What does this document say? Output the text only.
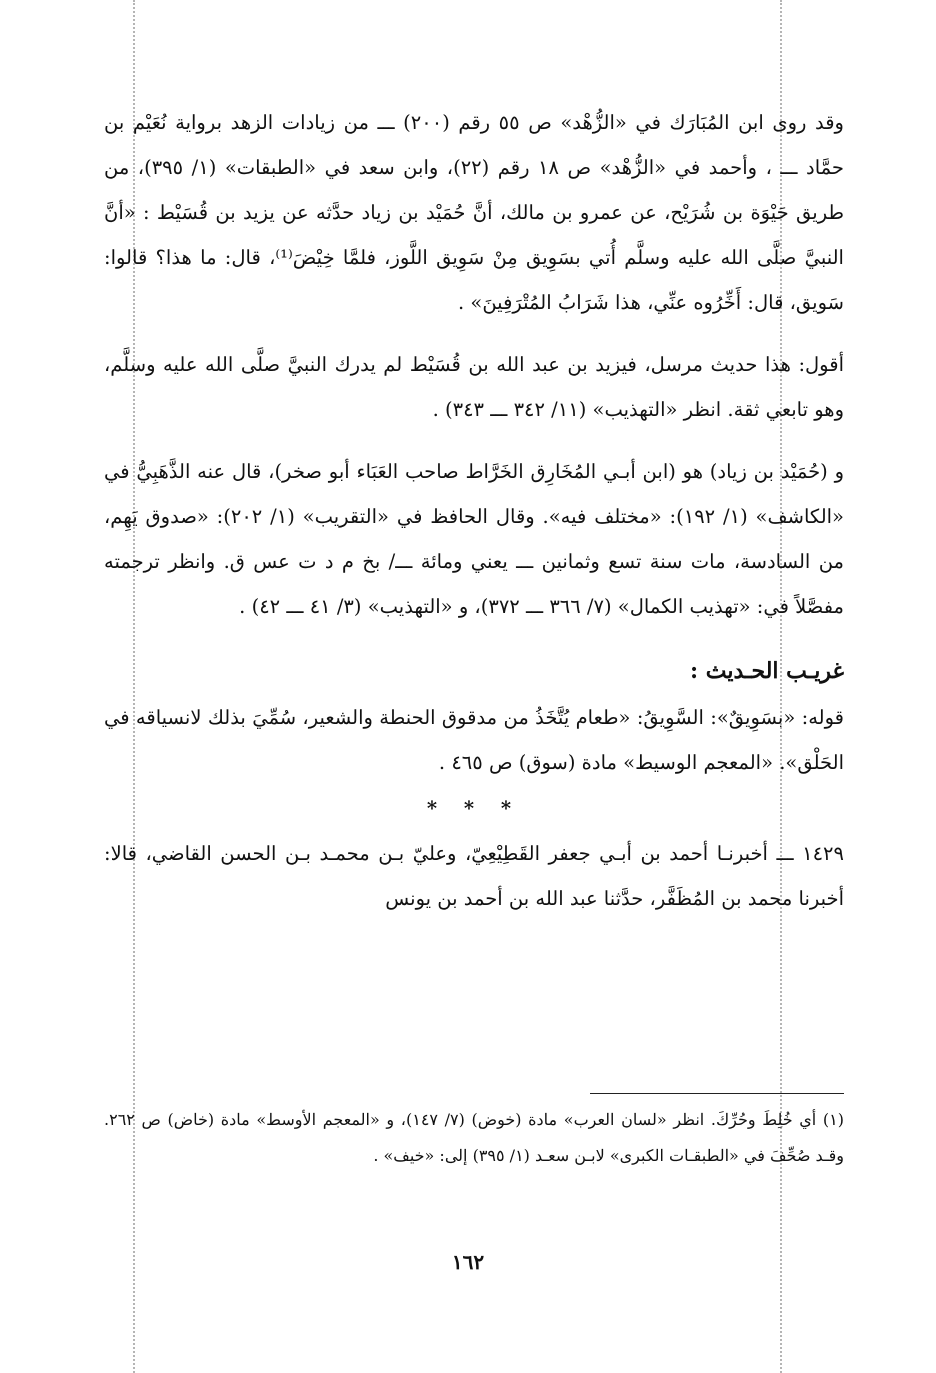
وقد روى ابن المُبَارَك في «الزُّهْد» ص ٥٥ رقم (٢٠٠) ـــ من زيادات الزهد برواية نُعَيْم بن حمَّاد ـــ ، وأحمد في «الزُّهْد» ص ١٨ رقم (٢٢)، وابن سعد في «الطبقات» (١/ ٣٩٥)، من طريق حَيْوَة بن شُرَيْح، عن عمرو بن مالك، أنَّ حُمَيْد بن زياد حدَّثه عن يزيد بن قُسَيْط : «أنَّ النبيَّ صلَّى الله عليه وسلَّم أُتي بسَوِيق مِنْ سَوِيق اللَّوز، فلمَّا خِيْضَ⁽¹⁾، قال: ما هذا؟ قالوا: سَويق، قال: أَخِّرُوه عنِّي، هذا شَرَابُ المُتْرَفِينَ» .

أقول: هذا حديث مرسل، فيزيد بن عبد الله بن قُسَيْط لم يدرك النبيَّ صلَّى الله عليه وسلَّم، وهو تابعي ثقة. انظر «التهذيب» (١١/ ٣٤٢ ـــ ٣٤٣) .

و (حُمَيْد بن زياد) هو (ابن أبـي المُخَارِق الخَرَّاط صاحب العَبَاء أبو صخر)، قال عنه الذَّهَبِيُّ في «الكاشف» (١/ ١٩٢): «مختلف فيه». وقال الحافظ في «التقريب» (١/ ٢٠٢): «صدوق يَهِم، من السادسة، مات سنة تسع وثمانين ـــ يعني ومائة ـــ/ بخ م د ت عس ق. وانظر ترجمته مفصَّلاً في: «تهذيب الكمال» (٧/ ٣٦٦ ـــ ٣٧٢)، و «التهذيب» (٣/ ٤١ ـــ ٤٢) .

غريـب الحـديث :

قوله: «بسَوِيقٌ»: السَّوِيقُ: «طعام يُتَّخَذُ من مدقوق الحنطة والشعير، سُمِّيَ بذلك لانسياقه في الحَلْق». «المعجم الوسيط» مادة (سوق) ص ٤٦٥ .

* * *

١٤٢٩ ـــ أخبرنـا أحمد بن أبـي جعفر القَطِيْعِيّ، وعليّ بـن محمـد بـن الحسن القاضي، قالا: أخبرنا محمد بن المُظَفَّر، حدَّثنا عبد الله بن أحمد بن يونس

(١) أي خُلِطَ وحُرِّكَ. انظر «لسان العرب» مادة (خوض) (٧/ ١٤٧)، و «المعجم الأوسط» مادة (خاض) ص ٢٦٢. وقـد صُحِّفَ في «الطبقـات الكبرى» لابـن سعـد (١/ ٣٩٥) إلى: «خيف» .

١٦٢
